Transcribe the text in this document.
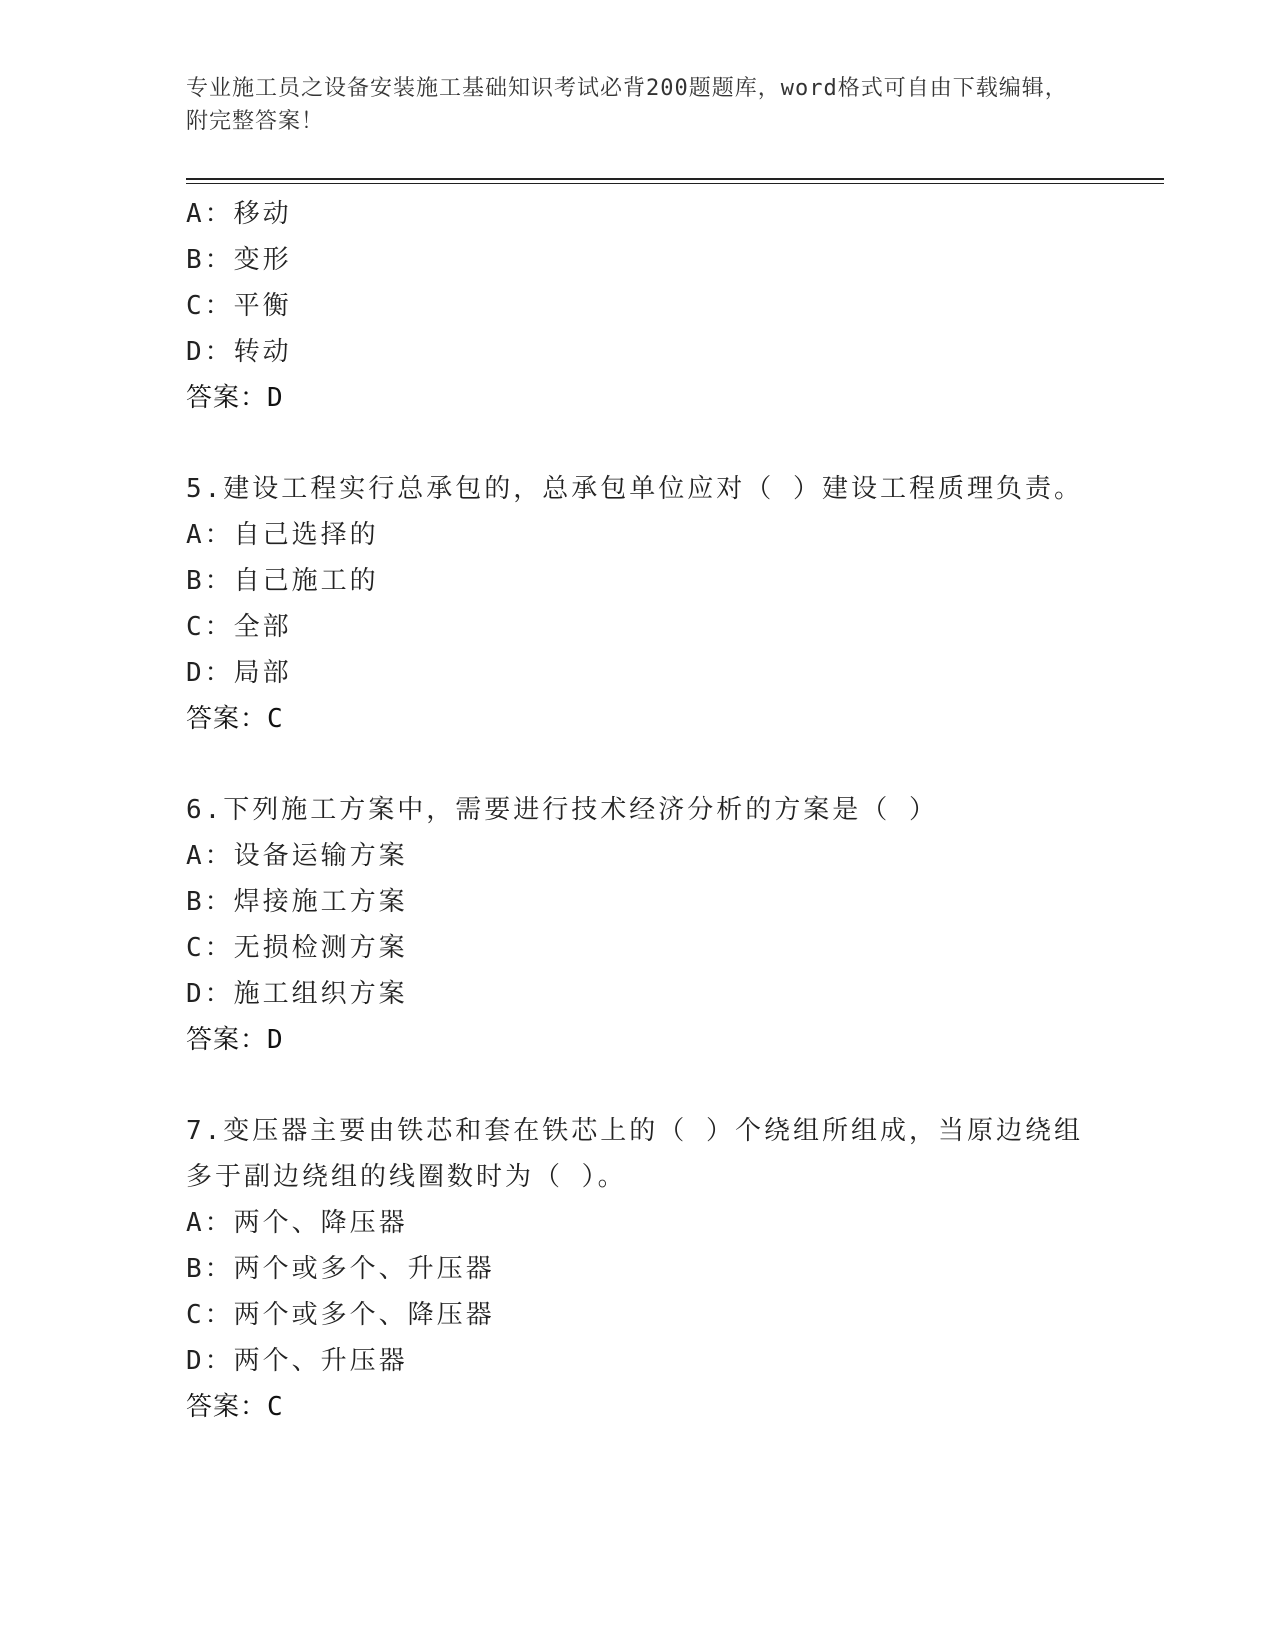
专业施工员之设备安装施工基础知识考试必背200题题库，word格式可自由下载编辑，附完整答案！
A：移动
B：变形
C：平衡
D：转动
答案：D
5.建设工程实行总承包的，总承包单位应对（ ）建设工程质理负责。
A：自己选择的
B：自己施工的
C：全部
D：局部
答案：C
6.下列施工方案中，需要进行技术经济分析的方案是（ ）
A：设备运输方案
B：焊接施工方案
C：无损检测方案
D：施工组织方案
答案：D
7.变压器主要由铁芯和套在铁芯上的（ ）个绕组所组成，当原边绕组多于副边绕组的线圈数时为（ ）。
A：两个、降压器
B：两个或多个、升压器
C：两个或多个、降压器
D：两个、升压器
答案：C
